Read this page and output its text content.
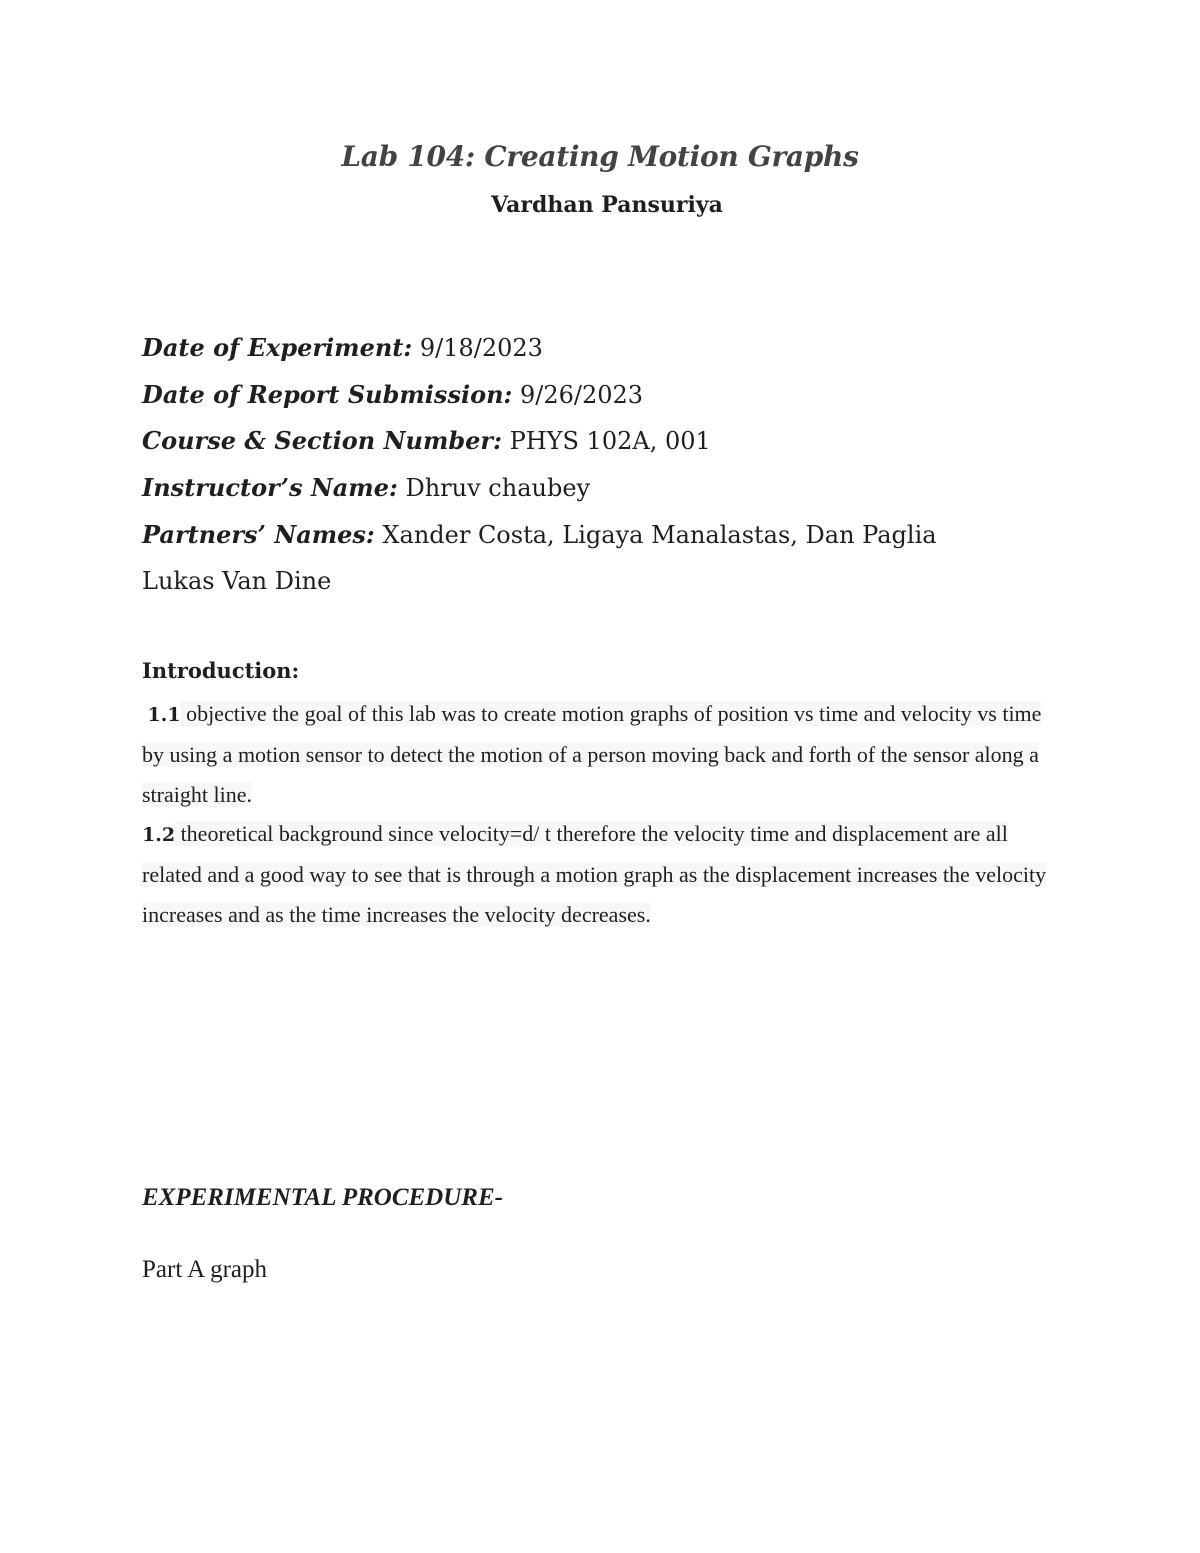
Lab 104: Creating Motion Graphs
Vardhan Pansuriya
Date of Experiment: 9/18/2023
Date of Report Submission: 9/26/2023
Course & Section Number: PHYS 102A, 001
Instructor’s Name: Dhruv chaubey
Partners’ Names: Xander Costa, Ligaya Manalastas, Dan Paglia
Lukas Van Dine
Introduction:
1.1 objective the goal of this lab was to create motion graphs of position vs time and velocity vs time by using a motion sensor to detect the motion of a person moving back and forth of the sensor along a straight line.
1.2 theoretical background since velocity=d/ t therefore the velocity time and displacement are all related and a good way to see that is through a motion graph as the displacement increases the velocity increases and as the time increases the velocity decreases.
EXPERIMENTAL PROCEDURE-
Part A graph
